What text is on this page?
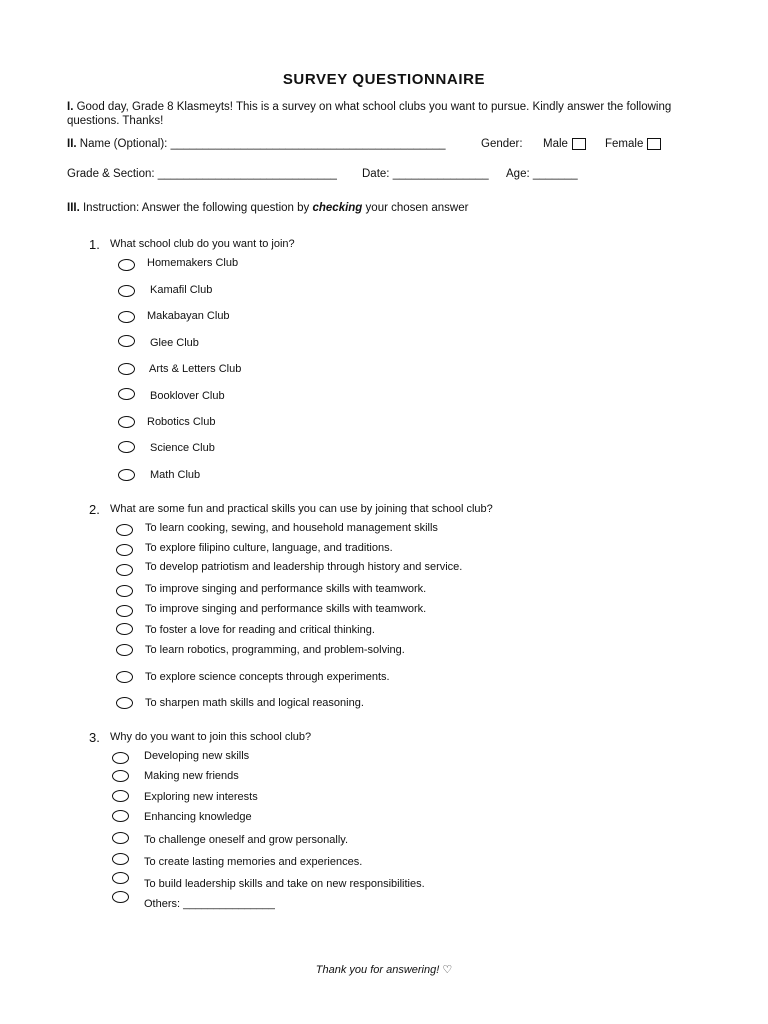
SURVEY QUESTIONNAIRE
I. Good day, Grade 8 Klasmeyts! This is a survey on what school clubs you want to pursue. Kindly answer the following questions. Thanks!
II. Name (Optional): ___________________________________________	Gender: Male	Female
Grade & Section: ____________________________ Date: _______________ Age: _______
III. Instruction: Answer the following question by checking your chosen answer
1. What school club do you want to join?
Homemakers Club
Kamafil Club
Makabayan Club
Glee Club
Arts & Letters Club
Booklover Club
Robotics Club
Science Club
Math Club
2. What are some fun and practical skills you can use by joining that school club?
To learn cooking, sewing, and household management skills
To explore filipino culture, language, and traditions.
To develop patriotism and leadership through history and service.
To improve singing and performance skills with teamwork.
To improve singing and performance skills with teamwork.
To foster a love for reading and critical thinking.
To learn robotics, programming, and problem-solving.
To explore science concepts through experiments.
To sharpen math skills and logical reasoning.
3. Why do you want to join this school club?
Developing new skills
Making new friends
Exploring new interests
Enhancing knowledge
To challenge oneself and grow personally.
To create lasting memories and experiences.
To build leadership skills and take on new responsibilities.
Others: _______________
Thank you for answering! ♡
